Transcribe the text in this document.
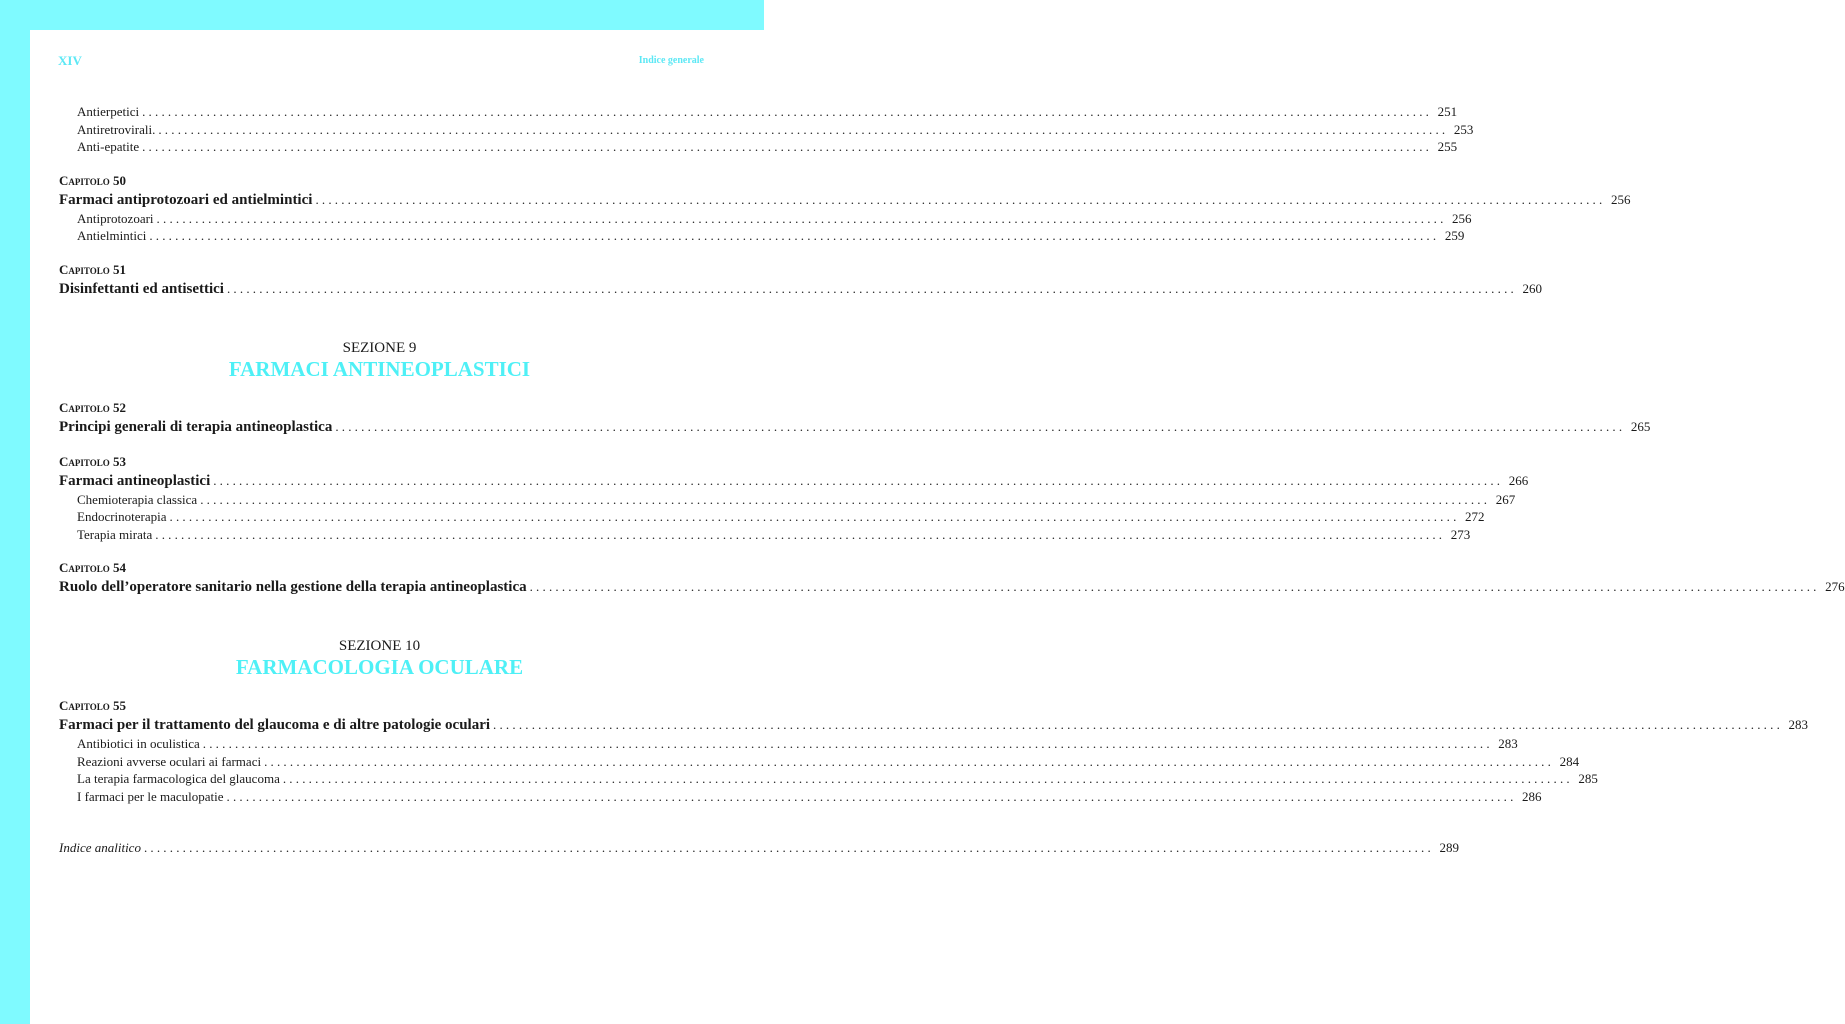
XIV	Indice generale
Antierpetici ........................................................................................................................................................................................................ 251
Antiretrovirali. ........................................................................................................................................................................................................ 253
Anti-epatite ........................................................................................................................................................................................................ 255
Capitolo 50
Farmaci antiprotozoari ed antielmintici ........................................................................................................................................................................................................ 256
Antiprotozoari ........................................................................................................................................................................................................ 256
Antielmintici ........................................................................................................................................................................................................ 259
Capitolo 51
Disinfettanti ed antisettici ........................................................................................................................................................................................................ 260
SEZIONE 9
FARMACI ANTINEOPLASTICI
Capitolo 52
Principi generali di terapia antineoplastica ........................................................................................................................................................................................................ 265
Capitolo 53
Farmaci antineoplastici ........................................................................................................................................................................................................ 266
Chemioterapia classica ........................................................................................................................................................................................................ 267
Endocrinoterapia ........................................................................................................................................................................................................ 272
Terapia mirata ........................................................................................................................................................................................................ 273
Capitolo 54
Ruolo dell’operatore sanitario nella gestione della terapia antineoplastica ........................................................................................................................................................................................................ 276
SEZIONE 10
FARMACOLOGIA OCULARE
Capitolo 55
Farmaci per il trattamento del glaucoma e di altre patologie oculari ........................................................................................................................................................................................................ 283
Antibiotici in oculistica ........................................................................................................................................................................................................ 283
Reazioni avverse oculari ai farmaci ........................................................................................................................................................................................................ 284
La terapia farmacologica del glaucoma ........................................................................................................................................................................................................ 285
I farmaci per le maculopatie ........................................................................................................................................................................................................ 286
Indice analitico ........................................................................................................................................................................................................ 289
